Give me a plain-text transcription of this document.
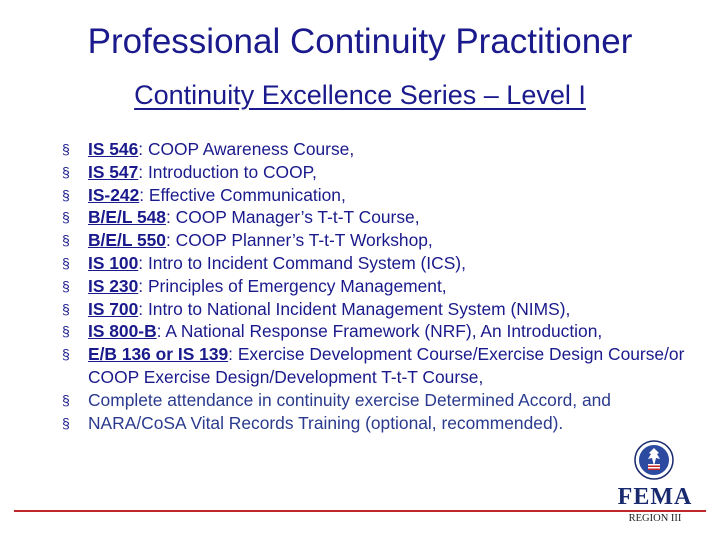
Professional Continuity Practitioner
Continuity Excellence Series – Level I
§ IS 546: COOP Awareness Course,
§ IS 547: Introduction to COOP,
§ IS-242: Effective Communication,
§ B/E/L 548: COOP Manager’s T-t-T Course,
§ B/E/L 550: COOP Planner’s T-t-T Workshop,
§ IS 100: Intro to Incident Command System (ICS),
§ IS 230: Principles of Emergency Management,
§ IS 700: Intro to National Incident Management System (NIMS),
§ IS 800-B: A National Response Framework (NRF), An Introduction,
§ E/B 136 or IS 139: Exercise Development Course/Exercise Design Course/or COOP Exercise Design/Development T-t-T Course,
§ Complete attendance in continuity exercise Determined Accord, and
§ NARA/CoSA Vital Records Training (optional, recommended).
FEMA
REGION III
